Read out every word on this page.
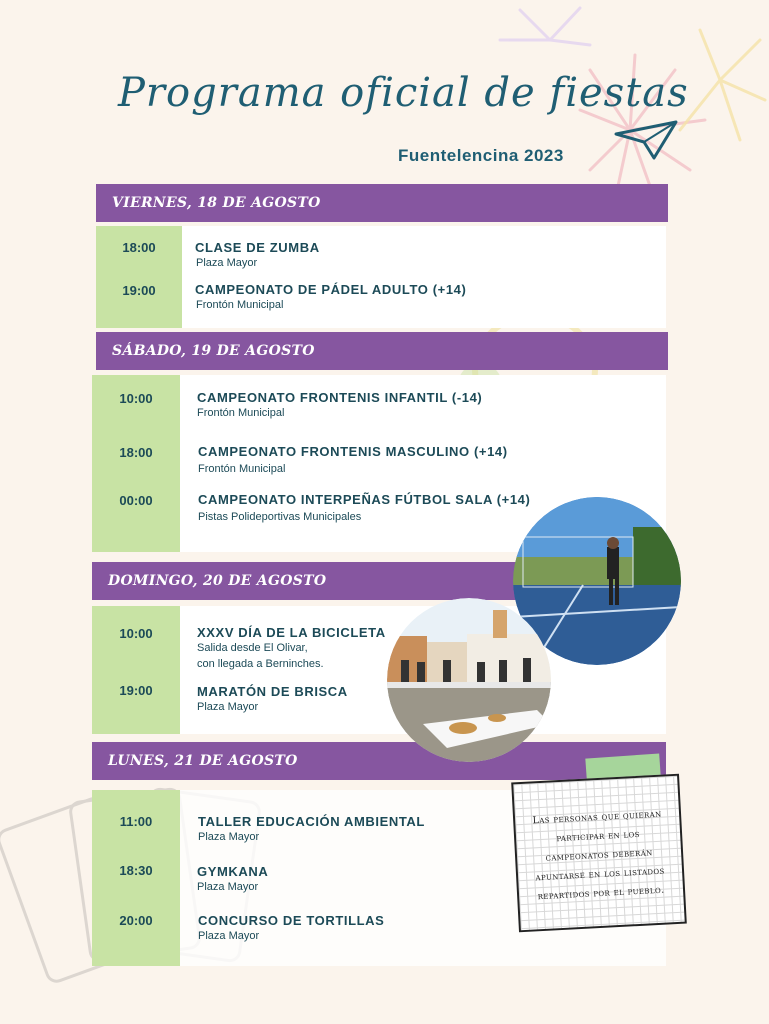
Programa oficial de fiestas
Fuentelencina 2023
VIERNES, 18 DE AGOSTO
18:00	CLASE DE ZUMBA
Plaza Mayor
19:00	CAMPEONATO DE PÁDEL ADULTO (+14)
Frontón Municipal
SÁBADO, 19 DE AGOSTO
10:00	CAMPEONATO FRONTENIS INFANTIL (-14)
Frontón Municipal
18:00	CAMPEONATO FRONTENIS MASCULINO (+14)
Frontón Municipal
00:00	CAMPEONATO INTERPEÑAS FÚTBOL SALA (+14)
Pistas Polideportivas Municipales
DOMINGO, 20 DE AGOSTO
10:00	XXXV DÍA DE LA BICICLETA
Salida desde El Olivar,
con llegada a Berninches.
19:00	MARATÓN DE BRISCA
Plaza Mayor
LUNES, 21 DE AGOSTO
11:00	TALLER EDUCACIÓN AMBIENTAL
Plaza Mayor
18:30	GYMKANA
Plaza Mayor
20:00	CONCURSO DE TORTILLAS
Plaza Mayor
Las personas que quieran
participar en los
campeonatos deberán
apuntarse en los listados
repartidos por el pueblo.
